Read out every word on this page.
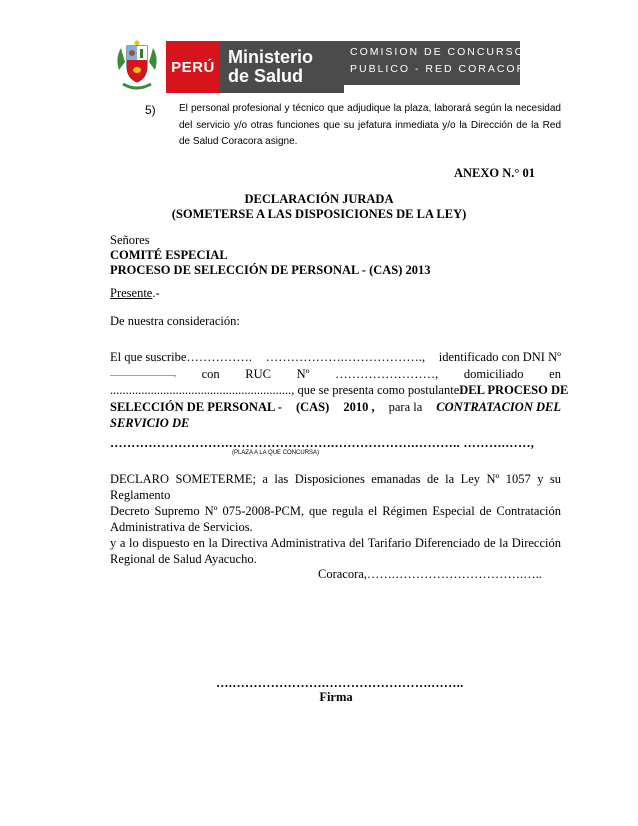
PERÚ Ministerio
de Salud
COMISION DE CONCURSO
PUBLICO - RED CORACORA
5) El personal profesional y técnico que adjudique la plaza, laborará según la necesidad del servicio y/o otras funciones que su jefatura inmediata y/o la Dirección de la Red de Salud Coracora asigne.
ANEXO N.° 01
DECLARACIÓN JURADA
(SOMETERSE A LAS DISPOSICIONES DE LA LEY)
Señores
COMITÉ ESPECIAL
PROCESO DE SELECCIÓN DE PERSONAL - (CAS) 2013
Presente.-
De nuestra consideración:
El que suscribe……………. ……………….………………., identificado con DNI Nº
................................, con RUC Nº ……………………, domiciliado en
.........................................................., que se presenta como postulante DEL PROCESO DE
SELECCIÓN DE PERSONAL - (CAS) 2010 , para la CONTRATACION DEL
SERVICIO DE
……………………….…………………….……………….……….. ……….……,
(PLAZA A LA QUE CONCURSA)
DECLARO SOMETERME; a las Disposiciones emanadas de la Ley Nº 1057 y su Reglamento
Decreto Supremo Nº 075-2008-PCM, que regula el Régimen Especial de Contratación
Administrativa de Servicios.
y a lo dispuesto en la Directiva Administrativa del Tarifario Diferenciado de la Dirección
Regional de Salud Ayacucho.
Coracora,…….………………………….…..
….………………….…………………….……..
Firma
